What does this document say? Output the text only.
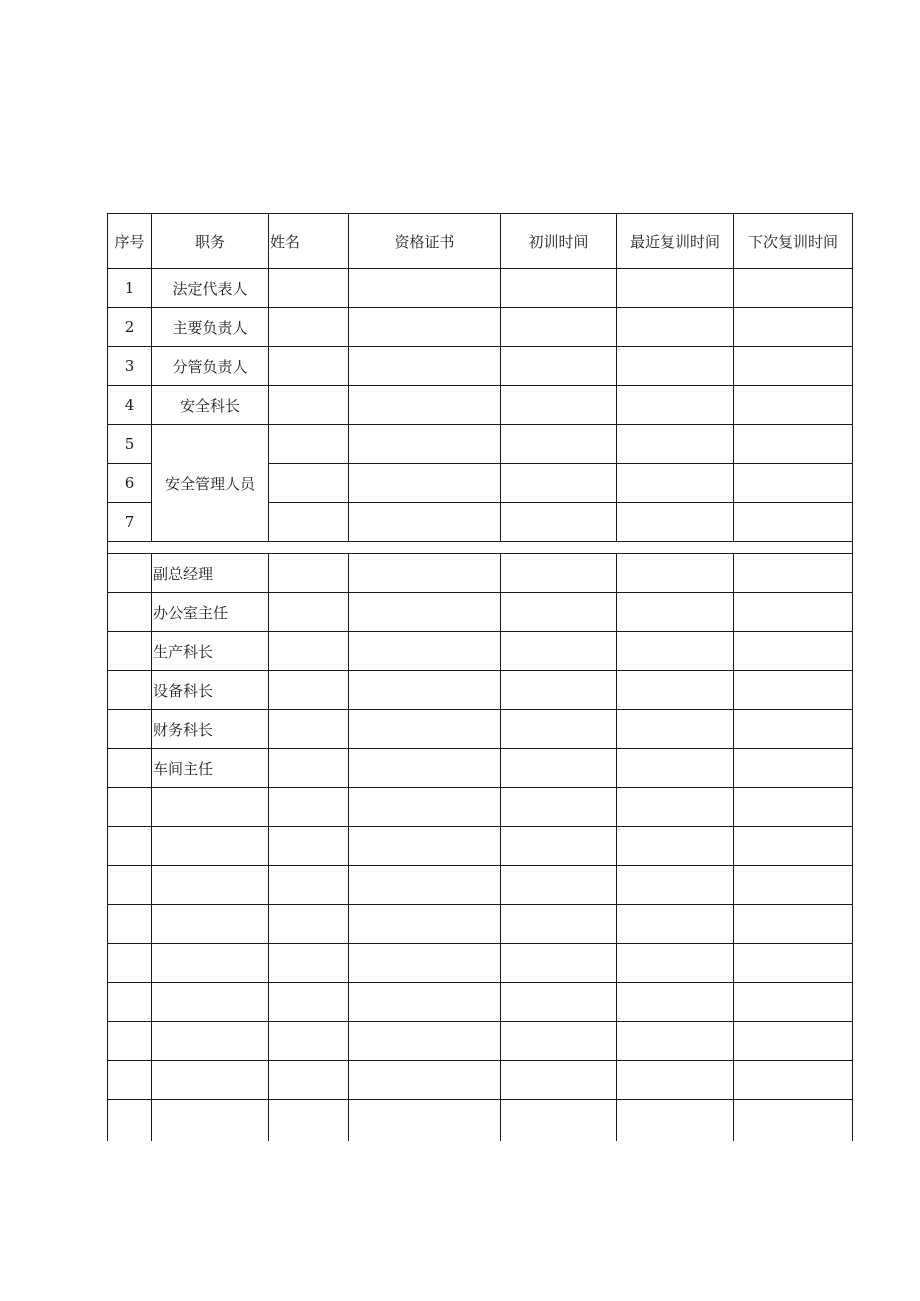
序号	职务	姓名	资格证书	初训时间	最近复训时间	下次复训时间
1	法定代表人					
2	主要负责人					
3	分管负责人					
4	安全科长					
5	安全管理人员					
6						
7						

	副总经理					
	办公室主任					
	生产科长					
	设备科长					
	财务科长					
	车间主任					
